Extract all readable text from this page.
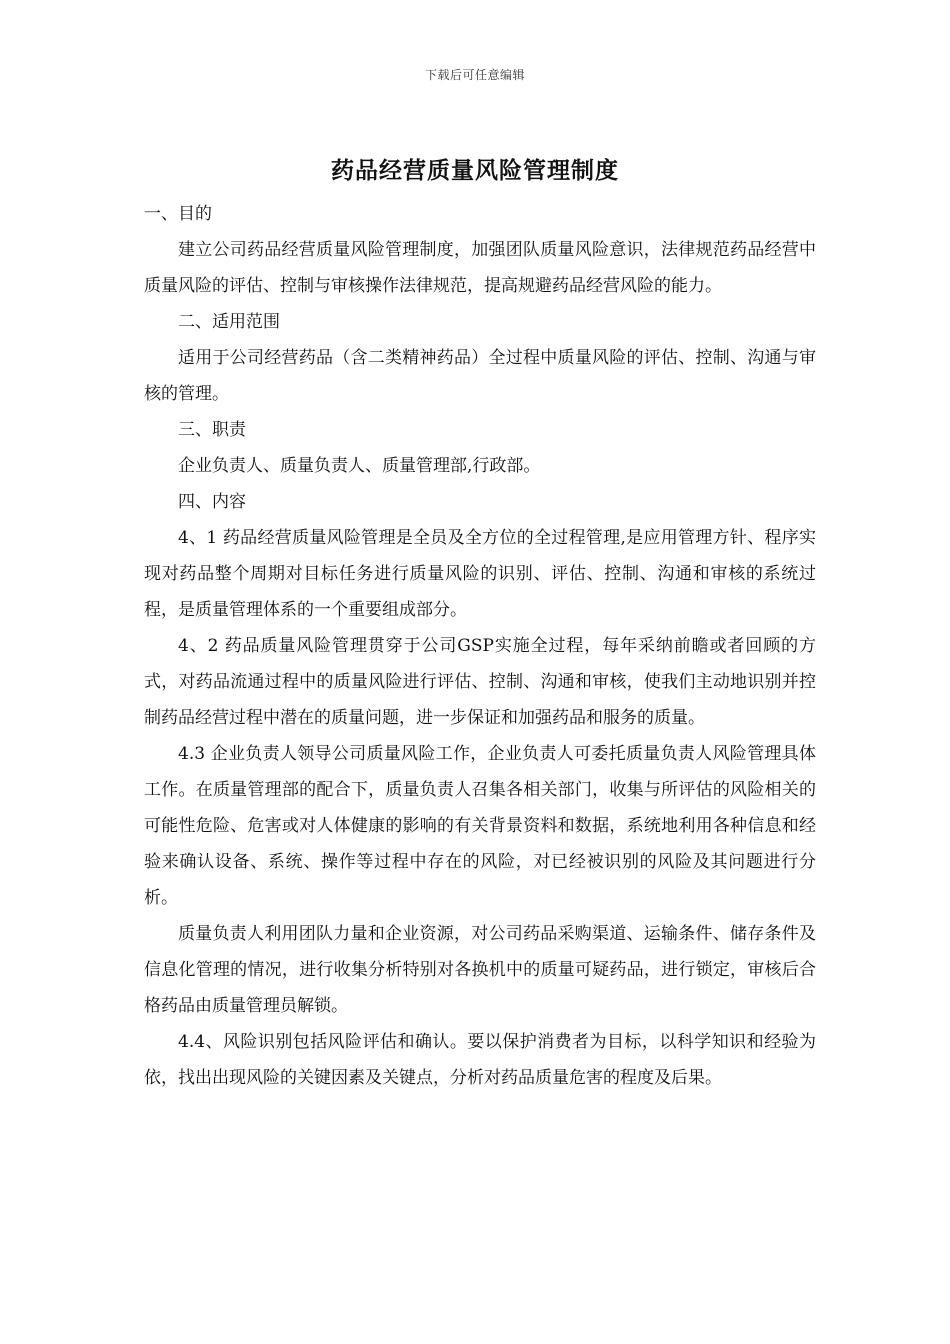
下载后可任意编辑
药品经营质量风险管理制度

一、目的

建立公司药品经营质量风险管理制度，加强团队质量风险意识，法律规范药品经营中质量风险的评估、控制与审核操作法律规范，提高规避药品经营风险的能力。

二、适用范围

适用于公司经营药品（含二类精神药品）全过程中质量风险的评估、控制、沟通与审核的管理。

三、职责

企业负责人、质量负责人、质量管理部,行政部。

四、内容

4、1 药品经营质量风险管理是全员及全方位的全过程管理,是应用管理方针、程序实现对药品整个周期对目标任务进行质量风险的识别、评估、控制、沟通和审核的系统过程，是质量管理体系的一个重要组成部分。

4、2 药品质量风险管理贯穿于公司GSP实施全过程，每年采纳前瞻或者回顾的方式，对药品流通过程中的质量风险进行评估、控制、沟通和审核，使我们主动地识别并控制药品经营过程中潜在的质量问题，进一步保证和加强药品和服务的质量。

4.3 企业负责人领导公司质量风险工作，企业负责人可委托质量负责人风险管理具体工作。在质量管理部的配合下，质量负责人召集各相关部门，收集与所评估的风险相关的可能性危险、危害或对人体健康的影响的有关背景资料和数据，系统地利用各种信息和经验来确认设备、系统、操作等过程中存在的风险，对已经被识别的风险及其问题进行分析。

质量负责人利用团队力量和企业资源，对公司药品采购渠道、运输条件、储存条件及信息化管理的情况，进行收集分析特别对各换机中的质量可疑药品，进行锁定，审核后合格药品由质量管理员解锁。

4.4、风险识别包括风险评估和确认。要以保护消费者为目标，以科学知识和经验为依，找出出现风险的关键因素及关键点，分析对药品质量危害的程度及后果。
